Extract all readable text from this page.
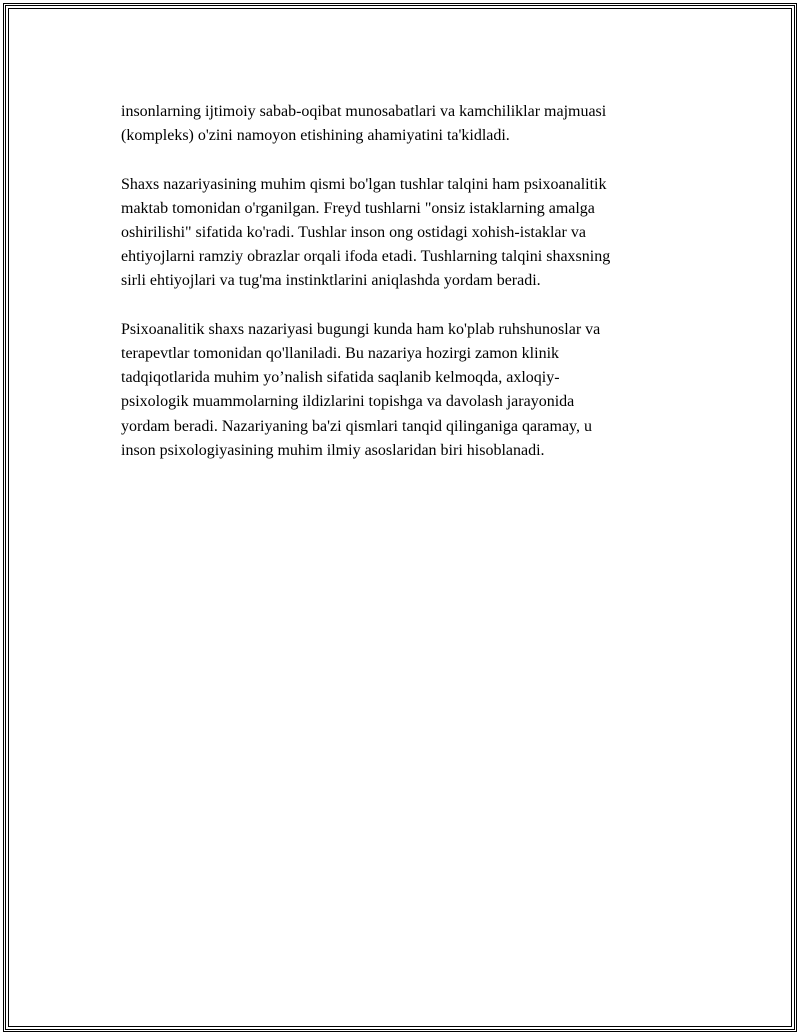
insonlarning ijtimoiy sabab-oqibat munosabatlari va kamchiliklar majmuasi
(kompleks) o'zini namoyon etishining ahamiyatini ta'kidladi.

Shaxs nazariyasining muhim qismi bo'lgan tushlar talqini ham psixoanalitik
maktab tomonidan o'rganilgan. Freyd tushlarni "onsiz istaklarning amalga
oshirilishi" sifatida ko'radi. Tushlar inson ong ostidagi xohish-istaklar va
ehtiyojlarni ramziy obrazlar orqali ifoda etadi. Tushlarning talqini shaxsning
sirli ehtiyojlari va tug'ma instinktlarini aniqlashda yordam beradi.

Psixoanalitik shaxs nazariyasi bugungi kunda ham ko'plab ruhshunoslar va
terapevtlar tomonidan qo'llaniladi. Bu nazariya hozirgi zamon klinik
tadqiqotlarida muhim yo’nalish sifatida saqlanib kelmoqda, axloqiy-
psixologik muammolarning ildizlarini topishga va davolash jarayonida
yordam beradi. Nazariyaning ba'zi qismlari tanqid qilinganiga qaramay, u
inson psixologiyasining muhim ilmiy asoslaridan biri hisoblanadi.
